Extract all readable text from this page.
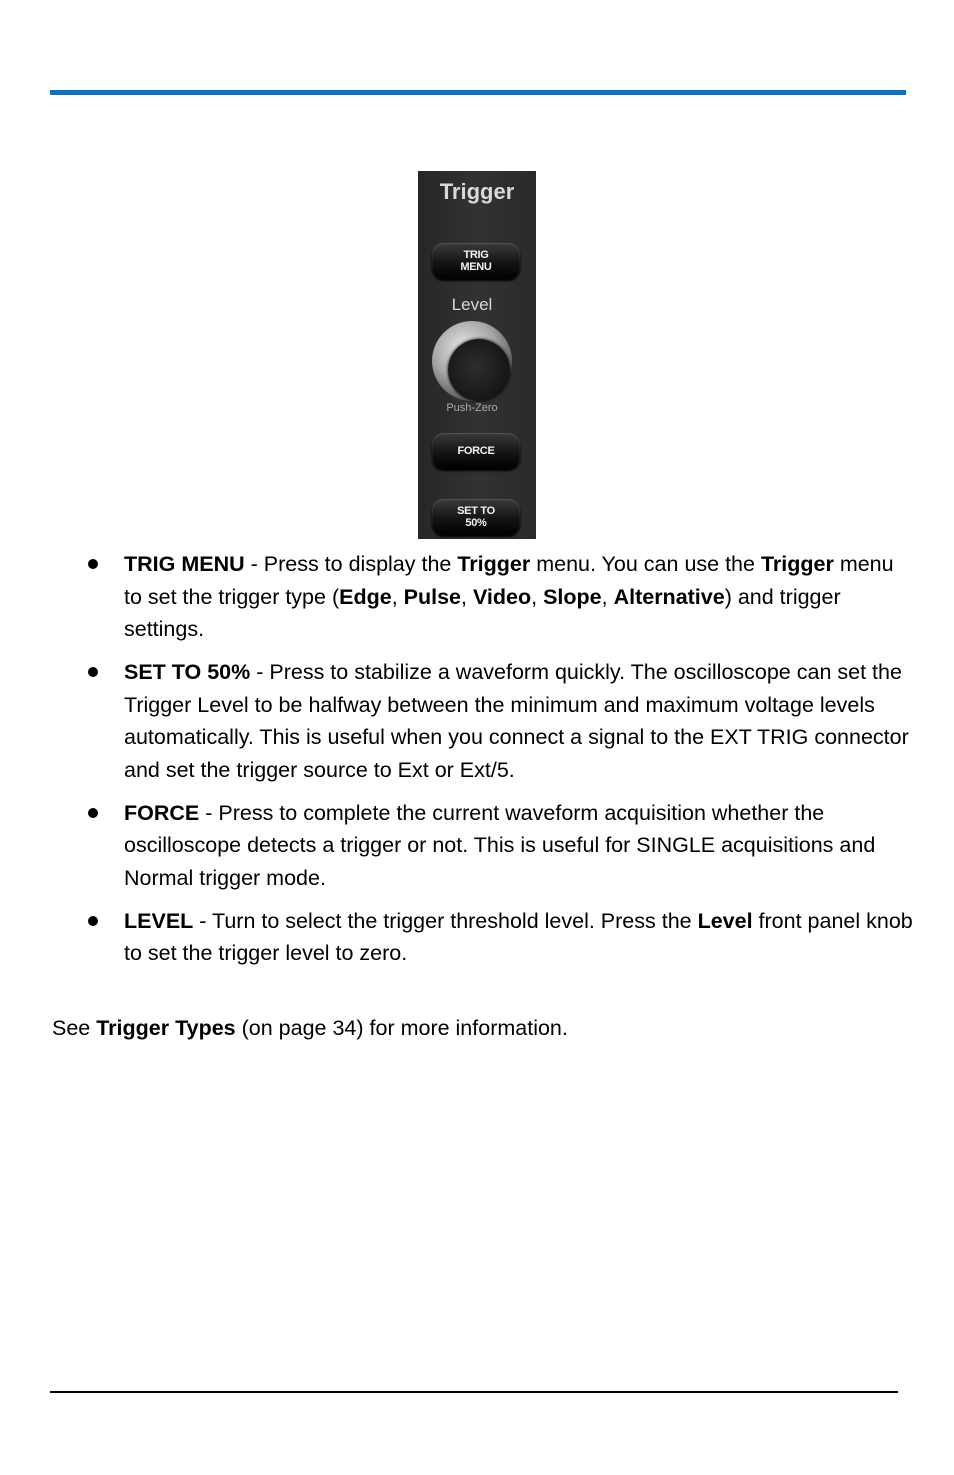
Trigger
TRIG
MENU
Level
Push-Zero
FORCE
SET TO
50%
TRIG MENU - Press to display the Trigger menu. You can use the Trigger menu to set the trigger type (Edge, Pulse, Video, Slope, Alternative) and trigger settings.
SET TO 50% - Press to stabilize a waveform quickly. The oscilloscope can set the Trigger Level to be halfway between the minimum and maximum voltage levels automatically. This is useful when you connect a signal to the EXT TRIG connector and set the trigger source to Ext or Ext/5.
FORCE - Press to complete the current waveform acquisition whether the oscilloscope detects a trigger or not. This is useful for SINGLE acquisitions and Normal trigger mode.
LEVEL - Turn to select the trigger threshold level. Press the Level front panel knob to set the trigger level to zero.
See Trigger Types (on page 34) for more information.
